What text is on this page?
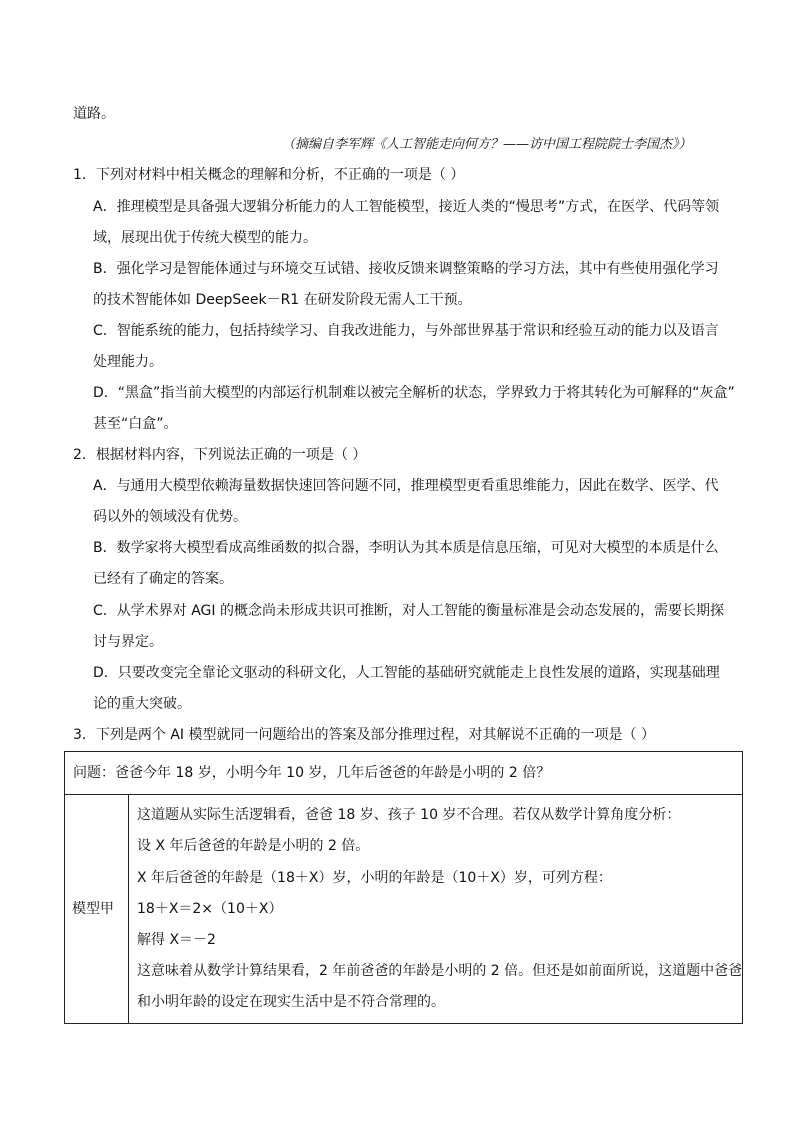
道路。
（摘编自李军辉《人工智能走向何方？——访中国工程院院士李国杰》）
1．下列对材料中相关概念的理解和分析，不正确的一项是（ ）
A．推理模型是具备强大逻辑分析能力的人工智能模型，接近人类的“慢思考”方式，在医学、代码等领
域，展现出优于传统大模型的能力。
B．强化学习是智能体通过与环境交互试错、接收反馈来调整策略的学习方法，其中有些使用强化学习
的技术智能体如 DeepSeek－R1 在研发阶段无需人工干预。
C．智能系统的能力，包括持续学习、自我改进能力，与外部世界基于常识和经验互动的能力以及语言
处理能力。
D．“黑盒”指当前大模型的内部运行机制难以被完全解析的状态，学界致力于将其转化为可解释的“灰盒”
甚至“白盒”。
2．根据材料内容，下列说法正确的一项是（ ）
A．与通用大模型依赖海量数据快速回答问题不同，推理模型更看重思维能力，因此在数学、医学、代
码以外的领域没有优势。
B．数学家将大模型看成高维函数的拟合器，李明认为其本质是信息压缩，可见对大模型的本质是什么
已经有了确定的答案。
C．从学术界对 AGI 的概念尚未形成共识可推断，对人工智能的衡量标准是会动态发展的，需要长期探
讨与界定。
D．只要改变完全靠论文驱动的科研文化，人工智能的基础研究就能走上良性发展的道路，实现基础理
论的重大突破。
3．下列是两个 AI 模型就同一问题给出的答案及部分推理过程，对其解说不正确的一项是（ ）
问题：爸爸今年 18 岁，小明今年 10 岁，几年后爸爸的年龄是小明的 2 倍？
模型甲
这道题从实际生活逻辑看，爸爸 18 岁、孩子 10 岁不合理。若仅从数学计算角度分析：
设 X 年后爸爸的年龄是小明的 2 倍。
X 年后爸爸的年龄是（18＋X）岁，小明的年龄是（10＋X）岁，可列方程：
18＋X＝2×（10＋X）
解得 X＝－2
这意味着从数学计算结果看，2 年前爸爸的年龄是小明的 2 倍。但还是如前面所说，这道题中爸爸
和小明年龄的设定在现实生活中是不符合常理的。
